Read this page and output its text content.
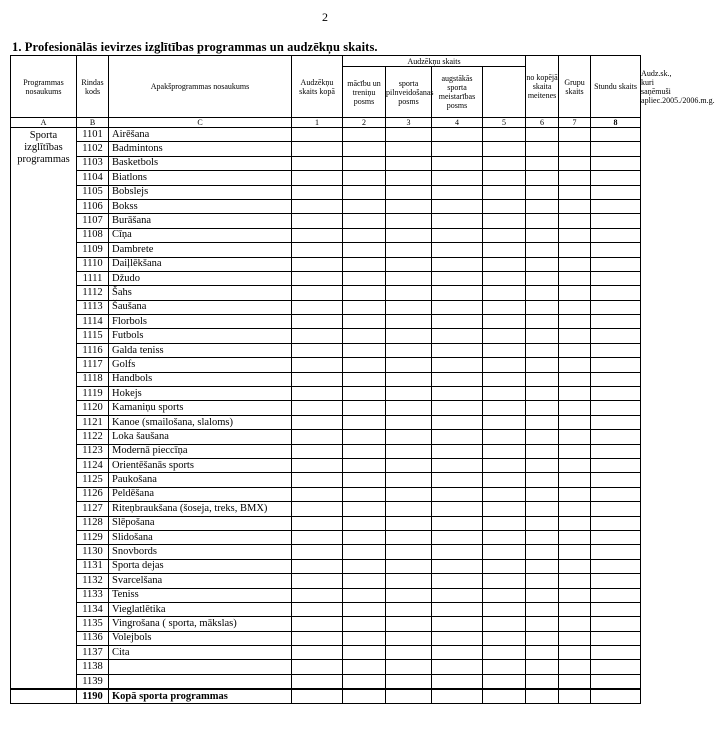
2
1. Profesionālās ievirzes izglītības programmas un audzēkņu skaits.
Programmas nosaukums	Rindas kods	Apakšprogrammas nosaukums	Audzēkņu skaits kopā	Audzēkņu skaits				no kopējā skaita meitenes	Grupu skaits	Stundu skaits	Audz.sk., kuri saņēmuši apliec.2005./2006.m.g.
				mācību un treniņu posms	sporta pilnveidošanas posms	augstākās sporta meistarības posms					
A	B	C	1	2	3	4	5	6	7	8	
Sporta izglītības programmas	1101	Airēšana									
	1102	Badmintons									
	1103	Basketbols									
	1104	Biatlons									
	1105	Bobslejs									
	1106	Bokss									
	1107	Burāšana									
	1108	Cīņa									
	1109	Dambrete									
	1110	Daiļlēkšana									
	1111	Džudo									
	1112	Šahs									
	1113	Šaušana									
	1114	Florbols									
	1115	Futbols									
	1116	Galda teniss									
	1117	Golfs									
	1118	Handbols									
	1119	Hokejs									
	1120	Kamaniņu sports									
	1121	Kanoe (smailošana, slaloms)									
	1122	Loka šaušana									
	1123	Modernā pieccīņa									
	1124	Orientēšanās sports									
	1125	Paukošana									
	1126	Peldēšana									
	1127	Riteņbraukšana (šoseja, treks, BMX)									
	1128	Slēpošana									
	1129	Slidošana									
	1130	Snovbords									
	1131	Sporta dejas									
	1132	Svarcelšana									
	1133	Teniss									
	1134	Vieglatlētika									
	1135	Vingrošana ( sporta, mākslas)									
	1136	Volejbols									
	1137	Cita									
	1138										
	1139										
	1190	Kopā sporta programmas									
